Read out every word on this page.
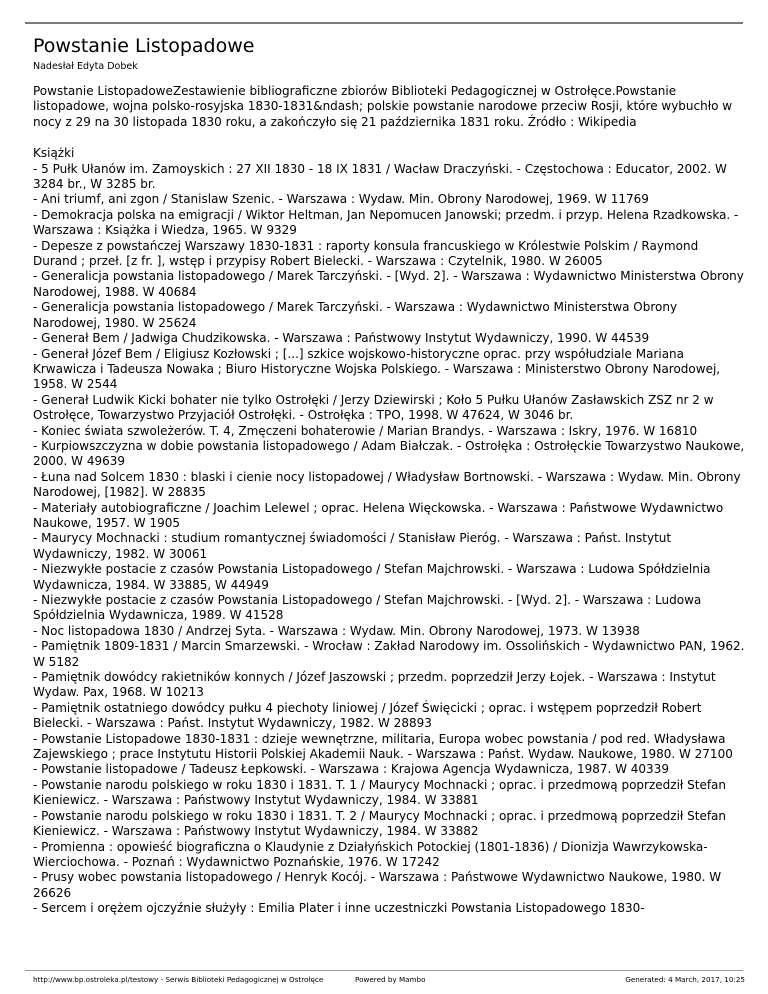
Powstanie Listopadowe
Nadesłał Edyta Dobek

Powstanie ListopadoweZestawienie bibliograficzne zbiorów Biblioteki Pedagogicznej w Ostrołęce.Powstanie listopadowe, wojna polsko-rosyjska 1830-1831&ndash; polskie powstanie narodowe przeciw Rosji, które wybuchło w nocy z 29 na 30 listopada 1830 roku, a zakończyło się 21 października 1831 roku. Źródło : Wikipedia

Książki
- 5 Pułk Ułanów im. Zamoyskich : 27 XII 1830 - 18 IX 1831 / Wacław Draczyński. - Częstochowa : Educator, 2002. W 3284 br., W 3285 br.
- Ani triumf, ani zgon / Stanislaw Szenic. - Warszawa : Wydaw. Min. Obrony Narodowej, 1969. W 11769
- Demokracja polska na emigracji / Wiktor Heltman, Jan Nepomucen Janowski; przedm. i przyp. Helena Rzadkowska. - Warszawa : Książka i Wiedza, 1965. W 9329
- Depesze z powstańczej Warszawy 1830-1831 : raporty konsula francuskiego w Królestwie Polskim / Raymond Durand ; przeł. [z fr. ], wstęp i przypisy Robert Bielecki. - Warszawa : Czytelnik, 1980. W 26005
- Generalicja powstania listopadowego / Marek Tarczyński. - [Wyd. 2]. - Warszawa : Wydawnictwo Ministerstwa Obrony Narodowej, 1988. W 40684
- Generalicja powstania listopadowego / Marek Tarczyński. - Warszawa : Wydawnictwo Ministerstwa Obrony Narodowej, 1980. W 25624
- Generał Bem / Jadwiga Chudzikowska. - Warszawa : Państwowy Instytut Wydawniczy, 1990. W 44539
- Generał Józef Bem / Eligiusz Kozłowski ; [...] szkice wojskowo-historyczne oprac. przy współudziale Mariana Krwawicza i Tadeusza Nowaka ; Biuro Historyczne Wojska Polskiego. - Warszawa : Ministerstwo Obrony Narodowej, 1958. W 2544
- Generał Ludwik Kicki bohater nie tylko Ostrołęki / Jerzy Dziewirski ; Koło 5 Pułku Ułanów Zasławskich ZSZ nr 2 w Ostrołęce, Towarzystwo Przyjaciół Ostrołęki. - Ostrołęka : TPO, 1998. W 47624, W 3046 br.
- Koniec świata szwoleżerów. T. 4, Zmęczeni bohaterowie / Marian Brandys. - Warszawa : Iskry, 1976. W 16810
- Kurpiowszczyzna w dobie powstania listopadowego / Adam Białczak. - Ostrołęka : Ostrołęckie Towarzystwo Naukowe, 2000. W 49639
- Łuna nad Solcem 1830 : blaski i cienie nocy listopadowej / Władysław Bortnowski. - Warszawa : Wydaw. Min. Obrony Narodowej, [1982]. W 28835
- Materiały autobiograficzne / Joachim Lelewel ; oprac. Helena Więckowska. - Warszawa : Państwowe Wydawnictwo Naukowe, 1957. W 1905
- Maurycy Mochnacki : studium romantycznej świadomości / Stanisław Pieróg. - Warszawa : Państ. Instytut Wydawniczy, 1982. W 30061
- Niezwykłe postacie z czasów Powstania Listopadowego / Stefan Majchrowski. - Warszawa : Ludowa Spółdzielnia Wydawnicza, 1984. W 33885, W 44949
- Niezwykłe postacie z czasów Powstania Listopadowego / Stefan Majchrowski. - [Wyd. 2]. - Warszawa : Ludowa Spółdzielnia Wydawnicza, 1989. W 41528
- Noc listopadowa 1830 / Andrzej Syta. - Warszawa : Wydaw. Min. Obrony Narodowej, 1973. W 13938
- Pamiętnik 1809-1831 / Marcin Smarzewski. - Wrocław : Zakład Narodowy im. Ossolińskich - Wydawnictwo PAN, 1962. W 5182
- Pamiętnik dowódcy rakietników konnych / Józef Jaszowski ; przedm. poprzedził Jerzy Łojek. - Warszawa : Instytut Wydaw. Pax, 1968. W 10213
- Pamiętnik ostatniego dowódcy pułku 4 piechoty liniowej / Józef Święcicki ; oprac. i wstępem poprzedził Robert Bielecki. - Warszawa : Państ. Instytut Wydawniczy, 1982. W 28893
- Powstanie Listopadowe 1830-1831 : dzieje wewnętrzne, militaria, Europa wobec powstania / pod red. Władysława Zajewskiego ; prace Instytutu Historii Polskiej Akademii Nauk. - Warszawa : Państ. Wydaw. Naukowe, 1980. W 27100
- Powstanie listopadowe / Tadeusz Łepkowski. - Warszawa : Krajowa Agencja Wydawnicza, 1987. W 40339
- Powstanie narodu polskiego w roku 1830 i 1831. T. 1 / Maurycy Mochnacki ; oprac. i przedmową poprzedził Stefan Kieniewicz. - Warszawa : Państwowy Instytut Wydawniczy, 1984. W 33881
- Powstanie narodu polskiego w roku 1830 i 1831. T. 2 / Maurycy Mochnacki ; oprac. i przedmową poprzedził Stefan Kieniewicz. - Warszawa : Państwowy Instytut Wydawniczy, 1984. W 33882
- Promienna : opowieść biograficzna o Klaudynie z Działyńskich Potockiej (1801-1836) / Dionizja Wawrzykowska-Wierciochowa. - Poznań : Wydawnictwo Poznańskie, 1976. W 17242
- Prusy wobec powstania listopadowego / Henryk Kocój. - Warszawa : Państwowe Wydawnictwo Naukowe, 1980. W 26626
- Sercem i orężem ojczyźnie służyły : Emilia Plater i inne uczestniczki Powstania Listopadowego 1830-
http://www.bp.ostroleka.pl/testowy - Serwis Biblioteki Pedagogicznej w Ostrołęce	Powered by Mambo	Generated: 4 March, 2017, 10:25
